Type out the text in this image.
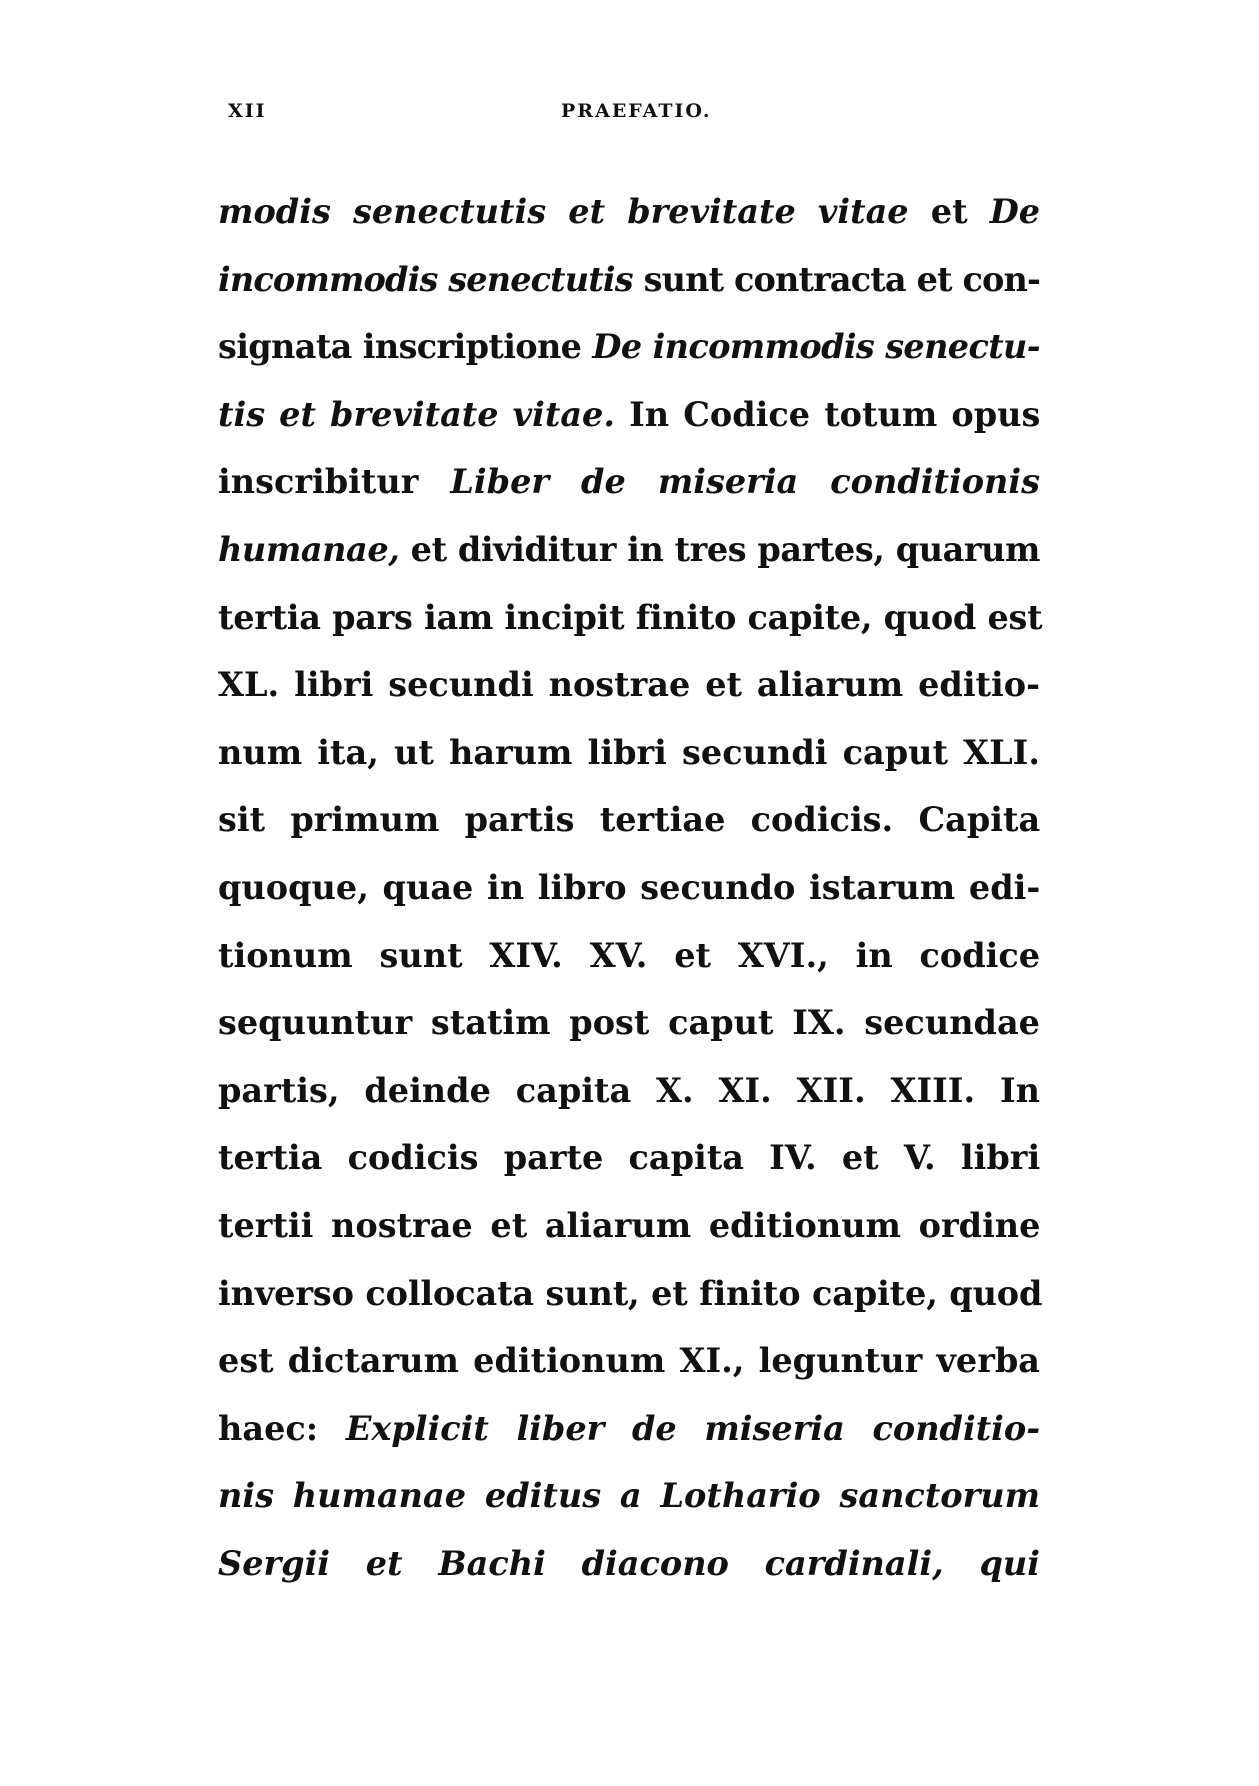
XII	PRAEFATIO.
modis senectutis et brevitate vitae et De
incommodis senectutis sunt contracta et con-
signata inscriptione De incommodis senectu-
tis et brevitate vitae. In Codice totum opus
inscribitur Liber de miseria conditionis
humanae, et dividitur in tres partes, quarum
tertia pars iam incipit finito capite, quod est
XL. libri secundi nostrae et aliarum editio-
num ita, ut harum libri secundi caput XLI.
sit primum partis tertiae codicis. Capita
quoque, quae in libro secundo istarum edi-
tionum sunt XIV. XV. et XVI., in codice
sequuntur statim post caput IX. secundae
partis, deinde capita X. XI. XII. XIII. In
tertia codicis parte capita IV. et V. libri
tertii nostrae et aliarum editionum ordine
inverso collocata sunt, et finito capite, quod
est dictarum editionum XI., leguntur verba
haec: Explicit liber de miseria conditio-
nis humanae editus a Lothario sanctorum
Sergii et Bachi diacono cardinali, qui
